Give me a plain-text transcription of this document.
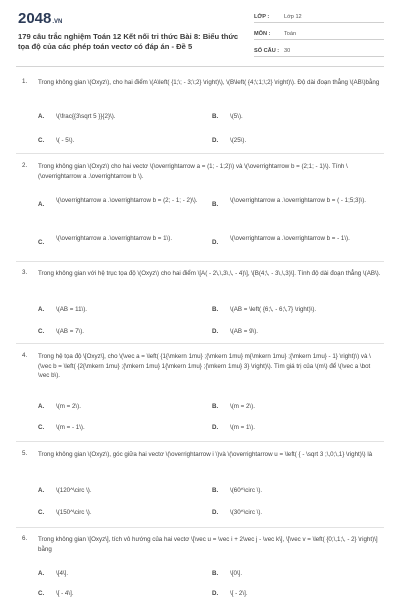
2048.VN
179 câu trắc nghiệm Toán 12 Kết nối tri thức Bài 8: Biểu thức tọa độ của các phép toán vectơ có đáp án - Đề 5
LỚP :	Lớp 12
MÔN : Toán
SỐ CÂU : 30
1. Trong không gian \(Oxyz\), cho hai điểm \(A\left( {1;\; - 3;\;2} \right)\), \(B\left( {4;\;1;\;2} \right)\). Độ dài đoạn thẳng \(AB\)bằng
A. \(\frac{{3\sqrt 5 }}{2}\).	B. \(5\).
C. \( - 5\).	D. \(25\).
2. Trong không gian \(Oxyz\) cho hai vectơ \(\overrightarrow a = (1; - 1;2)\) và \(\overrightarrow b = (2;1; - 1)\). Tính \(\overrightarrow a .\overrightarrow b \).
A.
\(\overrightarrow a .\overrightarrow b = (2; - 1; - 2)\).
B.
\(\overrightarrow a .\overrightarrow b = ( - 1;5;3)\).
C.
\(\overrightarrow a .\overrightarrow b = 1\).
D.
\(\overrightarrow a .\overrightarrow b = - 1\).
3. Trong không gian với hệ trục tọa độ \(Oxyz\) cho hai điểm \[A( - 2\,\,3\,\, - 4)\], \[B(4;\, - 3\,\,3)\]. Tính độ dài đoạn thẳng \(AB\).
A. \(AB = 11\).	B. \(AB = \left( {6;\, - 6;\,7} \right)\).
C. \(AB = 7\).	D. \(AB = 9\).
4. Trong hệ tọa độ \[Oxyz\], cho \(\vec a = \left( {1{\mkern 1mu} ;{\mkern 1mu} m{\mkern 1mu} ;{\mkern 1mu} - 1} \right)\) và \(\vec b = \left( {2{\mkern 1mu} ;{\mkern 1mu} 1{\mkern 1mu} ;{\mkern 1mu} 3} \right)\). Tìm giá trị của \(m\) để \(\vec a \bot \vec b\).
A. \(m = 2\).	B. \(m = 2\).
C. \(m = - 1\).	D. \(m = 1\).
5. Trong không gian \(Oxyz\), góc giữa hai vectơ \(\overrightarrow i \)và \(\overrightarrow u = \left( { - \sqrt 3 ;\,0;\,1} \right)\) là
A. \(120^\circ \).	B. \(60^\circ \).
C. \(150^\circ \).	D. \(30^\circ \).
6. Trong không gian \[Oxyz\], tích vô hướng của hai vectơ \[\vec u = \vec i + 2\vec j - \vec k\], \[\vec v = \left( {0;\,1;\, - 2} \right)\] bằng
A. \[4\].	B. \[0\].
C. \[ - 4\].	D. \[ - 2\].
